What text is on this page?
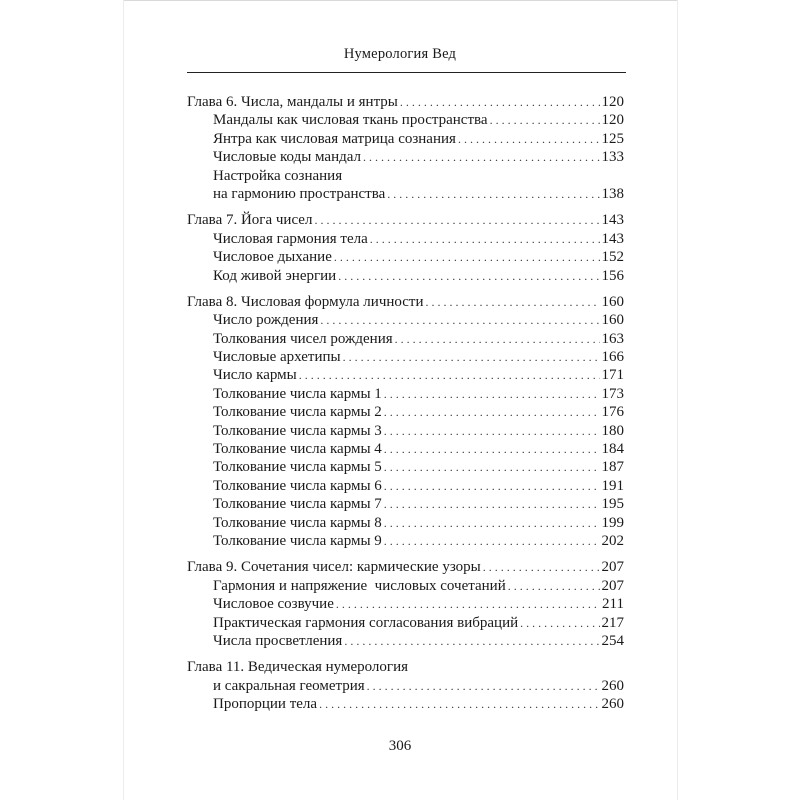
Нумерология Вед
Глава 6. Числа, мандалы и янтры . . .	120
Мандалы как числовая ткань пространства . . .	120
Янтра как числовая матрица сознания . . .	125
Числовые коды мандал . . .	133
Настройка сознания
на гармонию пространства . . .	138
Глава 7. Йога чисел . . .	143
Числовая гармония тела . . .	143
Числовое дыхание . . .	152
Код живой энергии . . .	156
Глава 8. Числовая формула личности . . .	160
Число рождения . . .	160
Толкования чисел рождения . . .	163
Числовые архетипы . . .	166
Число кармы . . .	171
Толкование числа кармы 1 . . .	173
Толкование числа кармы 2 . . .	176
Толкование числа кармы 3 . . .	180
Толкование числа кармы 4 . . .	184
Толкование числа кармы 5 . . .	187
Толкование числа кармы 6 . . .	191
Толкование числа кармы 7 . . .	195
Толкование числа кармы 8 . . .	199
Толкование числа кармы 9 . . .	202
Глава 9. Сочетания чисел: кармические узоры . . .	207
Гармония и напряжение  числовых сочетаний . . .	207
Числовое созвучие . . .	211
Практическая гармония согласования вибраций . . .	217
Числа просветления . . .	254
Глава 11. Ведическая нумерология
и сакральная геометрия . . .	260
Пропорции тела . . .	260
306
